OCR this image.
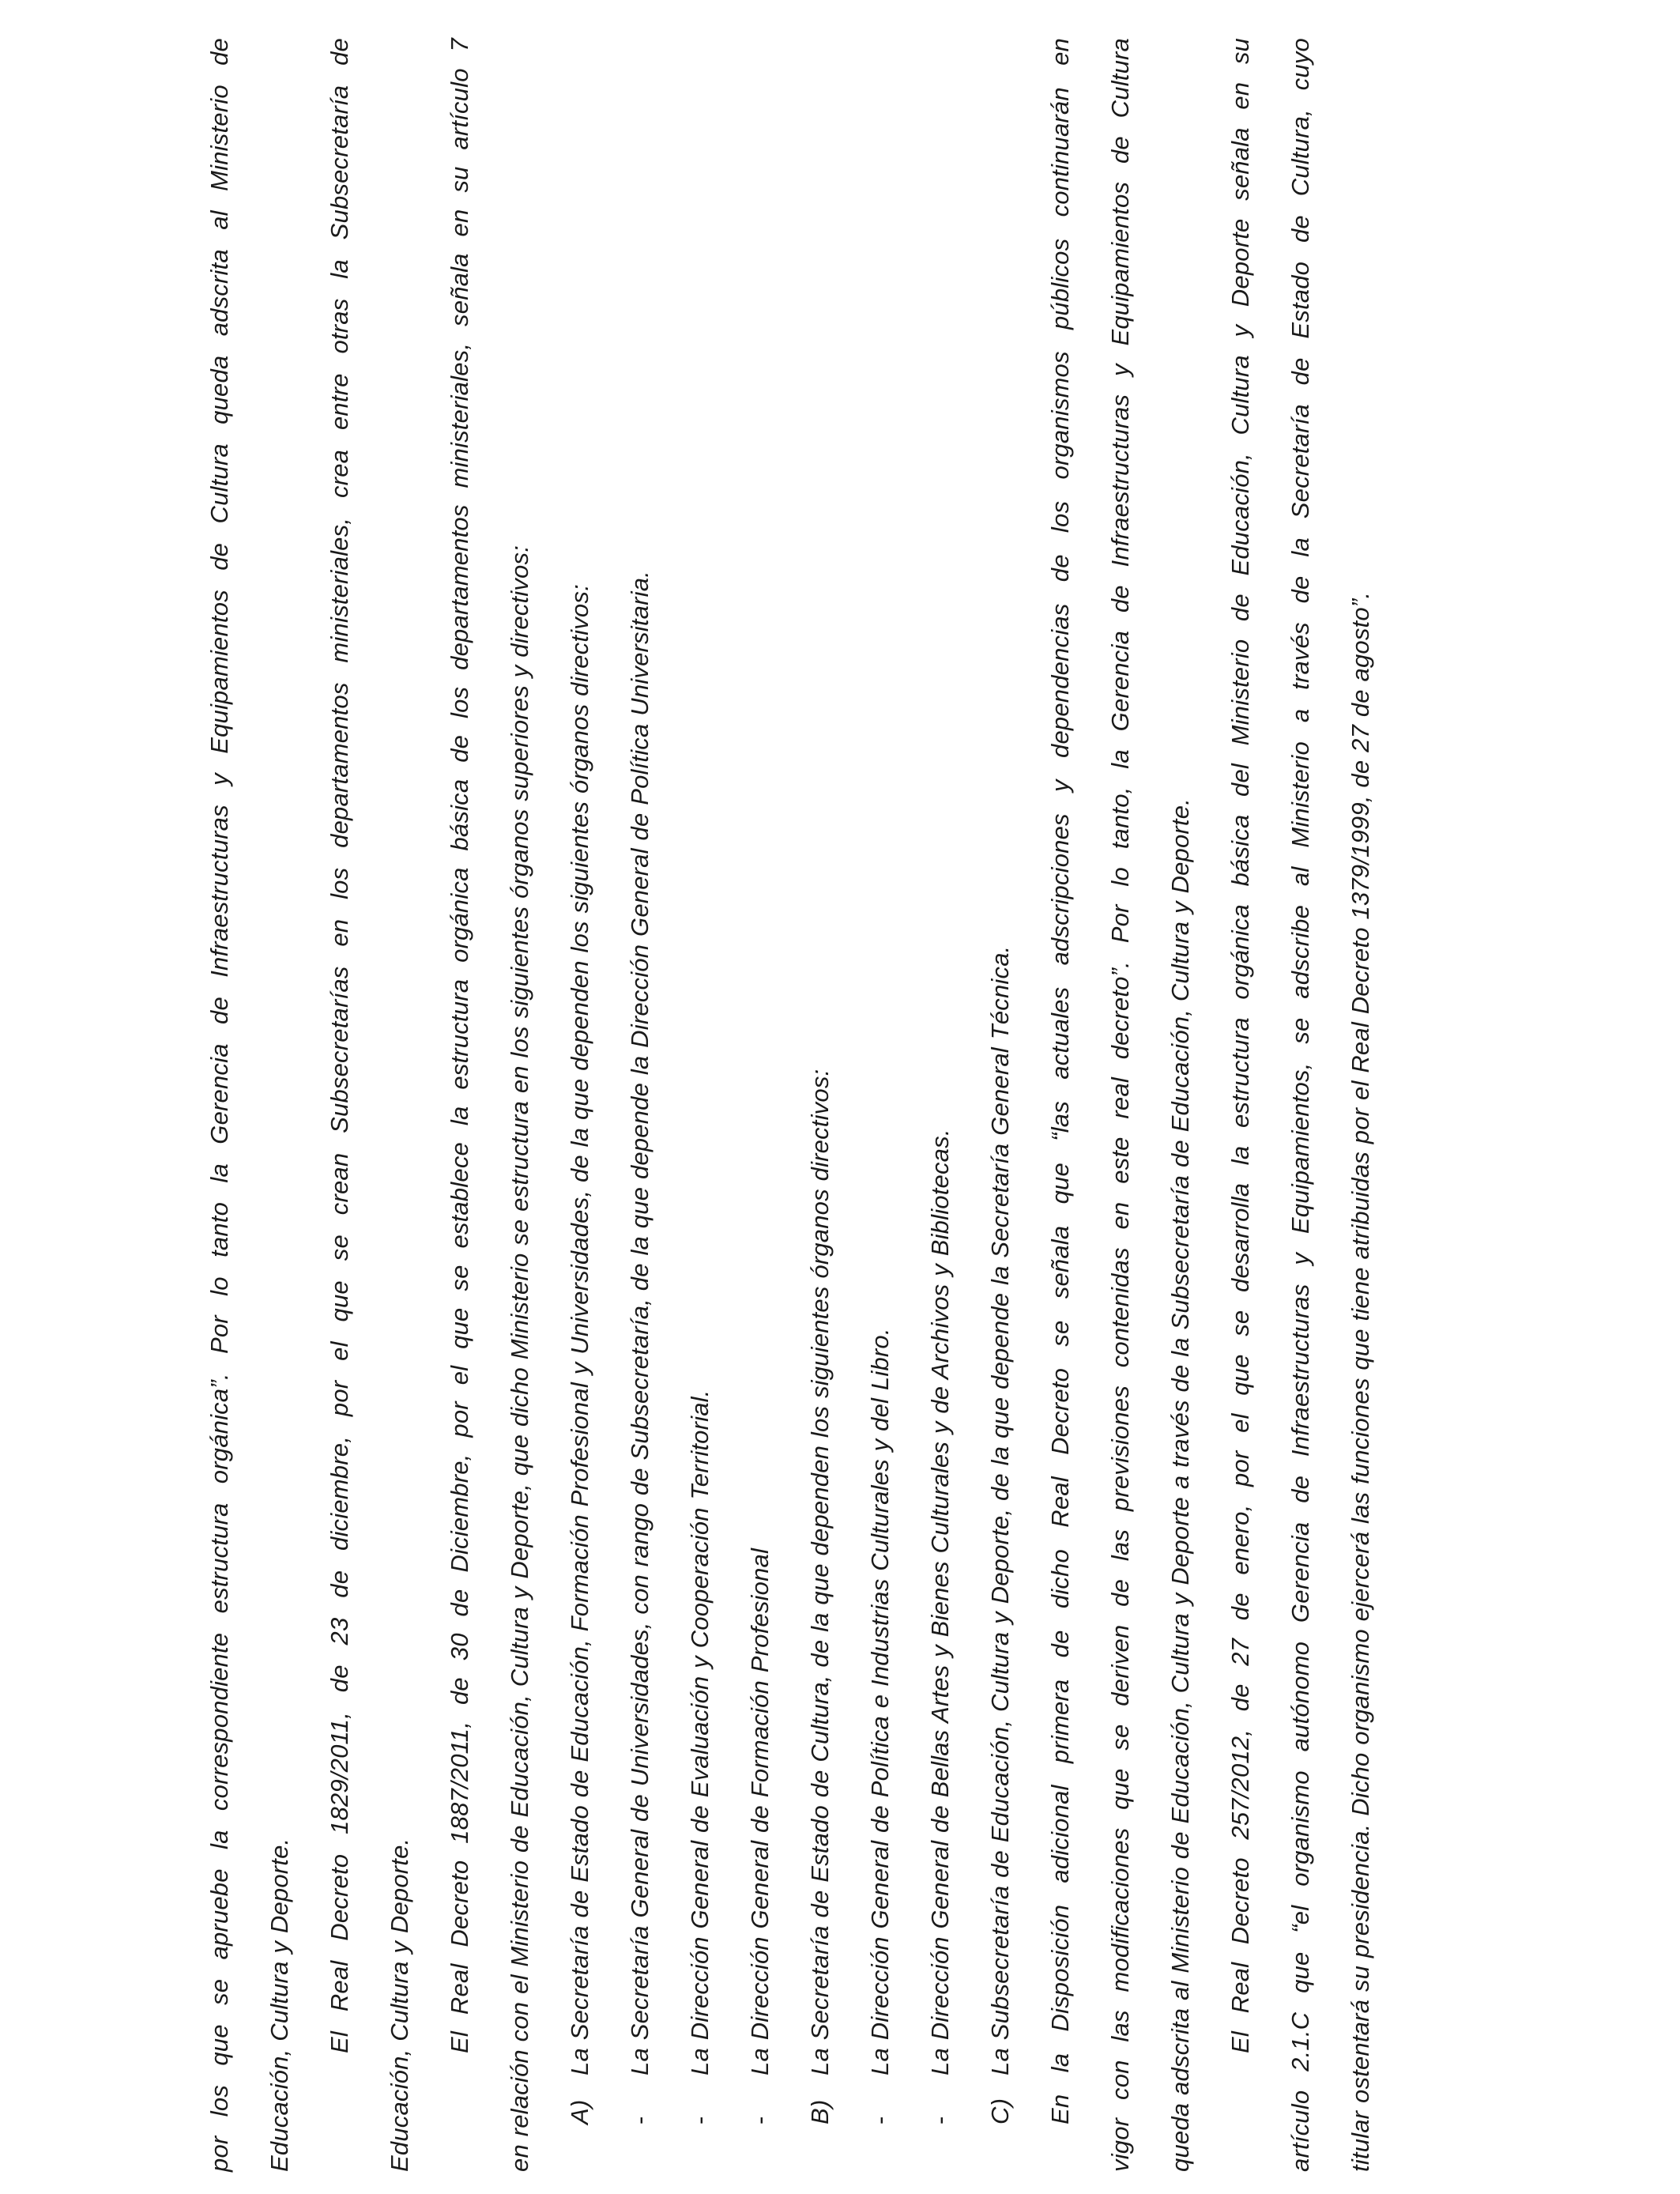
por los que se apruebe la correspondiente estructura orgánica”. Por lo tanto la Gerencia de Infraestructuras y Equipamientos de Cultura queda adscrita al Ministerio de	Educación, Cultura y Deporte.	El Real Decreto 1829/2011, de 23 de diciembre, por el que se crean Subsecretarías en los departamentos ministeriales, crea entre otras la Subsecretaría de	Educación, Cultura y Deporte.	El Real Decreto 1887/2011, de 30 de Diciembre, por el que se establece la estructura orgánica básica de los departamentos ministeriales, señala en su artículo 7	en relación con el Ministerio de Educación, Cultura y Deporte, que dicho Ministerio se estructura en los siguientes órganos superiores y directivos:	A)La Secretaría de Estado de Educación, Formación Profesional y Universidades, de la que dependen los siguientes órganos directivos:
-La Secretaría General de Universidades, con rango de Subsecretaría, de la que depende la Dirección General de Política Universitaria.
-La Dirección General de Evaluación y Cooperación Territorial.
-La Dirección General de Formación Profesional
B)La Secretaría de Estado de Cultura, de la que dependen los siguientes órganos directivos:
-La Dirección General de Política e Industrias Culturales y del Libro.
-La Dirección General de Bellas Artes y Bienes Culturales y de Archivos y Bibliotecas.
C)La Subsecretaría de Educación, Cultura y Deporte, de la que depende la Secretaría General Técnica.	En la Disposición adicional primera de dicho Real Decreto se señala que “las actuales adscripciones y dependencias de los organismos públicos continuarán en	vigor con las modificaciones que se deriven de las previsiones contenidas en este real decreto”. Por lo tanto, la Gerencia de Infraestructuras y Equipamientos de Cultura	queda adscrita al Ministerio de Educación, Cultura y Deporte a través de la Subsecretaría de Educación, Cultura y Deporte.	El Real Decreto 257/2012, de 27 de enero, por el que se desarrolla la estructura orgánica básica del Ministerio de Educación, Cultura y Deporte señala en su	artículo 2.1.C que “el organismo autónomo Gerencia de Infraestructuras y Equipamientos, se adscribe al Ministerio a través de la Secretaría de Estado de Cultura, cuyo	titular ostentará su presidencia. Dicho organismo ejercerá las funciones que tiene atribuidas por el Real Decreto 1379/1999, de 27 de agosto”.
